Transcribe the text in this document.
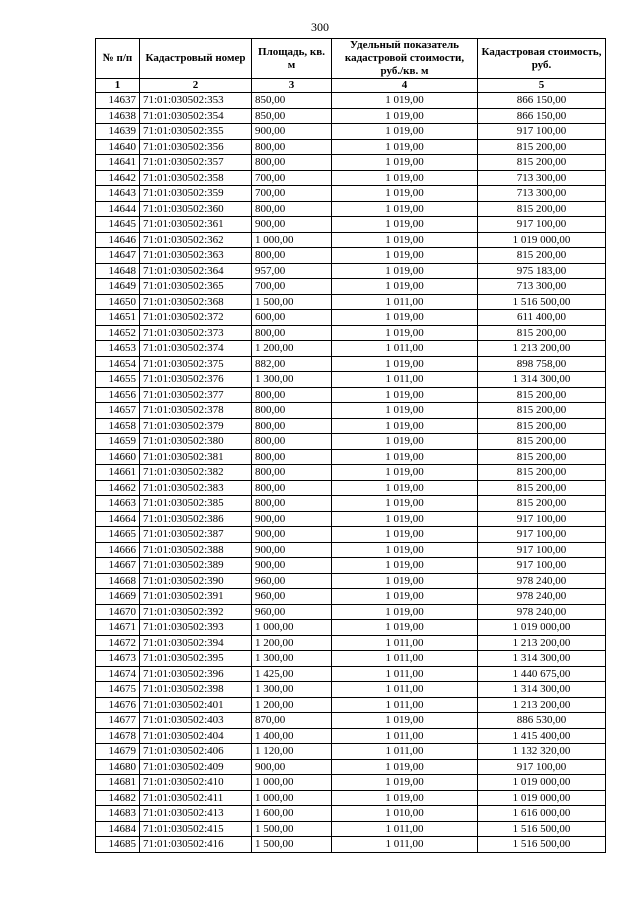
300
№ п/п	Кадастровый номер	Площадь, кв. м	Удельный показатель кадастровой стоимости, руб./кв. м	Кадастровая стоимость, руб.
1	2	3	4	5
14637	71:01:030502:353	850,00	1 019,00	866 150,00
14638	71:01:030502:354	850,00	1 019,00	866 150,00
14639	71:01:030502:355	900,00	1 019,00	917 100,00
14640	71:01:030502:356	800,00	1 019,00	815 200,00
14641	71:01:030502:357	800,00	1 019,00	815 200,00
14642	71:01:030502:358	700,00	1 019,00	713 300,00
14643	71:01:030502:359	700,00	1 019,00	713 300,00
14644	71:01:030502:360	800,00	1 019,00	815 200,00
14645	71:01:030502:361	900,00	1 019,00	917 100,00
14646	71:01:030502:362	1 000,00	1 019,00	1 019 000,00
14647	71:01:030502:363	800,00	1 019,00	815 200,00
14648	71:01:030502:364	957,00	1 019,00	975 183,00
14649	71:01:030502:365	700,00	1 019,00	713 300,00
14650	71:01:030502:368	1 500,00	1 011,00	1 516 500,00
14651	71:01:030502:372	600,00	1 019,00	611 400,00
14652	71:01:030502:373	800,00	1 019,00	815 200,00
14653	71:01:030502:374	1 200,00	1 011,00	1 213 200,00
14654	71:01:030502:375	882,00	1 019,00	898 758,00
14655	71:01:030502:376	1 300,00	1 011,00	1 314 300,00
14656	71:01:030502:377	800,00	1 019,00	815 200,00
14657	71:01:030502:378	800,00	1 019,00	815 200,00
14658	71:01:030502:379	800,00	1 019,00	815 200,00
14659	71:01:030502:380	800,00	1 019,00	815 200,00
14660	71:01:030502:381	800,00	1 019,00	815 200,00
14661	71:01:030502:382	800,00	1 019,00	815 200,00
14662	71:01:030502:383	800,00	1 019,00	815 200,00
14663	71:01:030502:385	800,00	1 019,00	815 200,00
14664	71:01:030502:386	900,00	1 019,00	917 100,00
14665	71:01:030502:387	900,00	1 019,00	917 100,00
14666	71:01:030502:388	900,00	1 019,00	917 100,00
14667	71:01:030502:389	900,00	1 019,00	917 100,00
14668	71:01:030502:390	960,00	1 019,00	978 240,00
14669	71:01:030502:391	960,00	1 019,00	978 240,00
14670	71:01:030502:392	960,00	1 019,00	978 240,00
14671	71:01:030502:393	1 000,00	1 019,00	1 019 000,00
14672	71:01:030502:394	1 200,00	1 011,00	1 213 200,00
14673	71:01:030502:395	1 300,00	1 011,00	1 314 300,00
14674	71:01:030502:396	1 425,00	1 011,00	1 440 675,00
14675	71:01:030502:398	1 300,00	1 011,00	1 314 300,00
14676	71:01:030502:401	1 200,00	1 011,00	1 213 200,00
14677	71:01:030502:403	870,00	1 019,00	886 530,00
14678	71:01:030502:404	1 400,00	1 011,00	1 415 400,00
14679	71:01:030502:406	1 120,00	1 011,00	1 132 320,00
14680	71:01:030502:409	900,00	1 019,00	917 100,00
14681	71:01:030502:410	1 000,00	1 019,00	1 019 000,00
14682	71:01:030502:411	1 000,00	1 019,00	1 019 000,00
14683	71:01:030502:413	1 600,00	1 010,00	1 616 000,00
14684	71:01:030502:415	1 500,00	1 011,00	1 516 500,00
14685	71:01:030502:416	1 500,00	1 011,00	1 516 500,00
